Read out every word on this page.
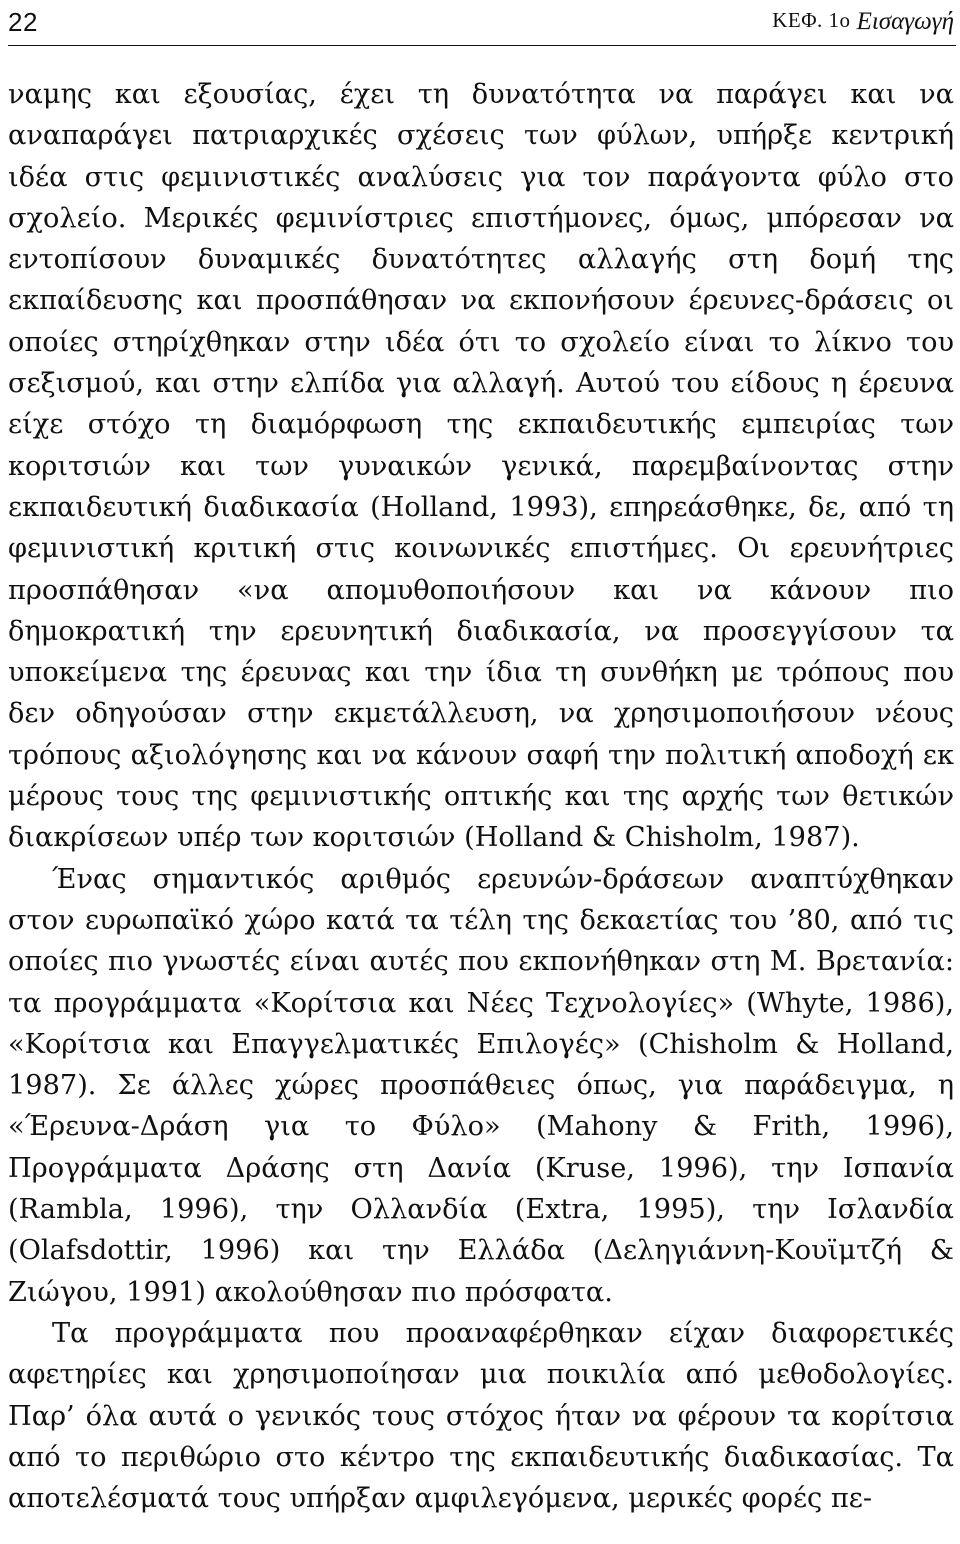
22	ΚΕΦ. 1ο Εισαγωγή

ναμης και εξουσίας, έχει τη δυνατότητα να παράγει και να αναπαράγει πατριαρχικές σχέσεις των φύλων, υπήρξε κεντρική ιδέα στις φεμινιστικές αναλύσεις για τον παράγοντα φύλο στο σχολείο. Μερικές φεμινίστριες επιστήμονες, όμως, μπόρεσαν να εντοπίσουν δυναμικές δυνατότητες αλλαγής στη δομή της εκπαίδευσης και προσπάθησαν να εκπονήσουν έρευνες-δράσεις οι οποίες στηρίχθηκαν στην ιδέα ότι το σχολείο είναι το λίκνο του σεξισμού, και στην ελπίδα για αλλαγή. Αυτού του είδους η έρευνα είχε στόχο τη διαμόρφωση της εκπαιδευτικής εμπειρίας των κοριτσιών και των γυναικών γενικά, παρεμβαίνοντας στην εκπαιδευτική διαδικασία (Holland, 1993), επηρεάσθηκε, δε, από τη φεμινιστική κριτική στις κοινωνικές επιστήμες. Οι ερευνήτριες προσπάθησαν «να απομυθοποιήσουν και να κάνουν πιο δημοκρατική την ερευνητική διαδικασία, να προσεγγίσουν τα υποκείμενα της έρευνας και την ίδια τη συνθήκη με τρόπους που δεν οδηγούσαν στην εκμετάλλευση, να χρησιμοποιήσουν νέους τρόπους αξιολόγησης και να κάνουν σαφή την πολιτική αποδοχή εκ μέρους τους της φεμινιστικής οπτικής και της αρχής των θετικών διακρίσεων υπέρ των κοριτσιών (Holland & Chisholm, 1987).

Ένας σημαντικός αριθμός ερευνών-δράσεων αναπτύχθηκαν στον ευρωπαϊκό χώρο κατά τα τέλη της δεκαετίας του ’80, από τις οποίες πιο γνωστές είναι αυτές που εκπονήθηκαν στη Μ. Βρετανία: τα προγράμματα «Κορίτσια και Νέες Τεχνολογίες» (Whyte, 1986), «Κορίτσια και Επαγγελματικές Επιλογές» (Chisholm & Holland, 1987). Σε άλλες χώρες προσπάθειες όπως, για παράδειγμα, η «Έρευνα-Δράση για το Φύλο» (Mahony & Frith, 1996), Προγράμματα Δράσης στη Δανία (Kruse, 1996), την Ισπανία (Rambla, 1996), την Ολλανδία (Extra, 1995), την Ισλανδία (Olafsdottir, 1996) και την Ελλάδα (Δεληγιάννη-Κουϊμτζή & Ζιώγου, 1991) ακολούθησαν πιο πρόσφατα.

Τα προγράμματα που προαναφέρθηκαν είχαν διαφορετικές αφετηρίες και χρησιμοποίησαν μια ποικιλία από μεθοδολογίες. Παρ’ όλα αυτά ο γενικός τους στόχος ήταν να φέρουν τα κορίτσια από το περιθώριο στο κέντρο της εκπαιδευτικής διαδικασίας. Τα αποτελέσματά τους υπήρξαν αμφιλεγόμενα, μερικές φορές πε-
